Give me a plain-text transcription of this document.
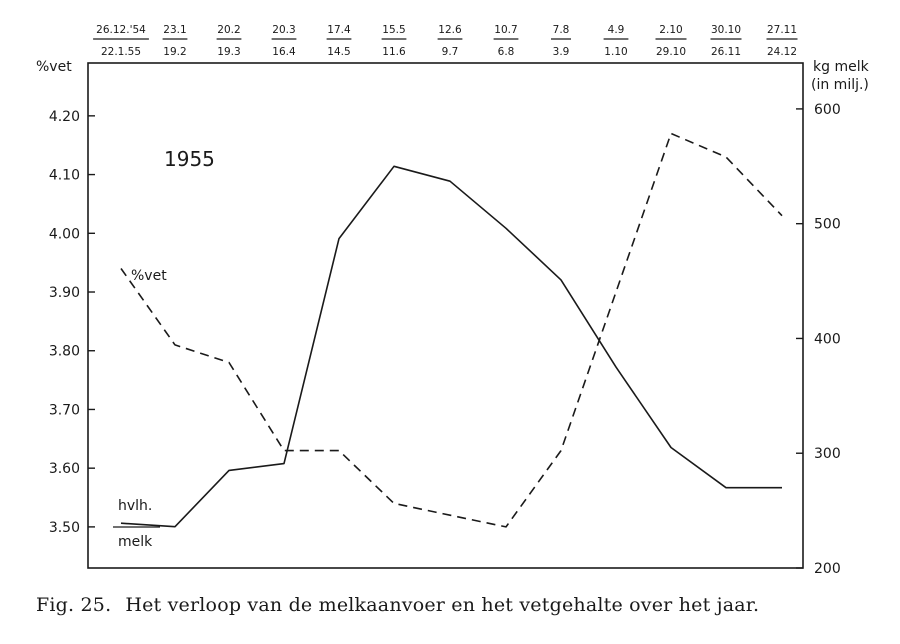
26.12.'54
22.1.55
23.1
19.2
20.2
19.3
20.3
16.4
17.4
14.5
15.5
11.6
12.6
9.7
10.7
6.8
7.8
3.9
4.9
1.10
2.10
29.10
30.10
26.11
27.11
24.12
3.50
3.60
3.70
3.80
3.90
4.00
4.10
4.20
200
300
400
500
600
1955
%vet	kg melk
(in milj.)
%vet
hvlh.
melk
Fig. 25. Het verloop van de melkaanvoer en het vetgehalte over het jaar.
